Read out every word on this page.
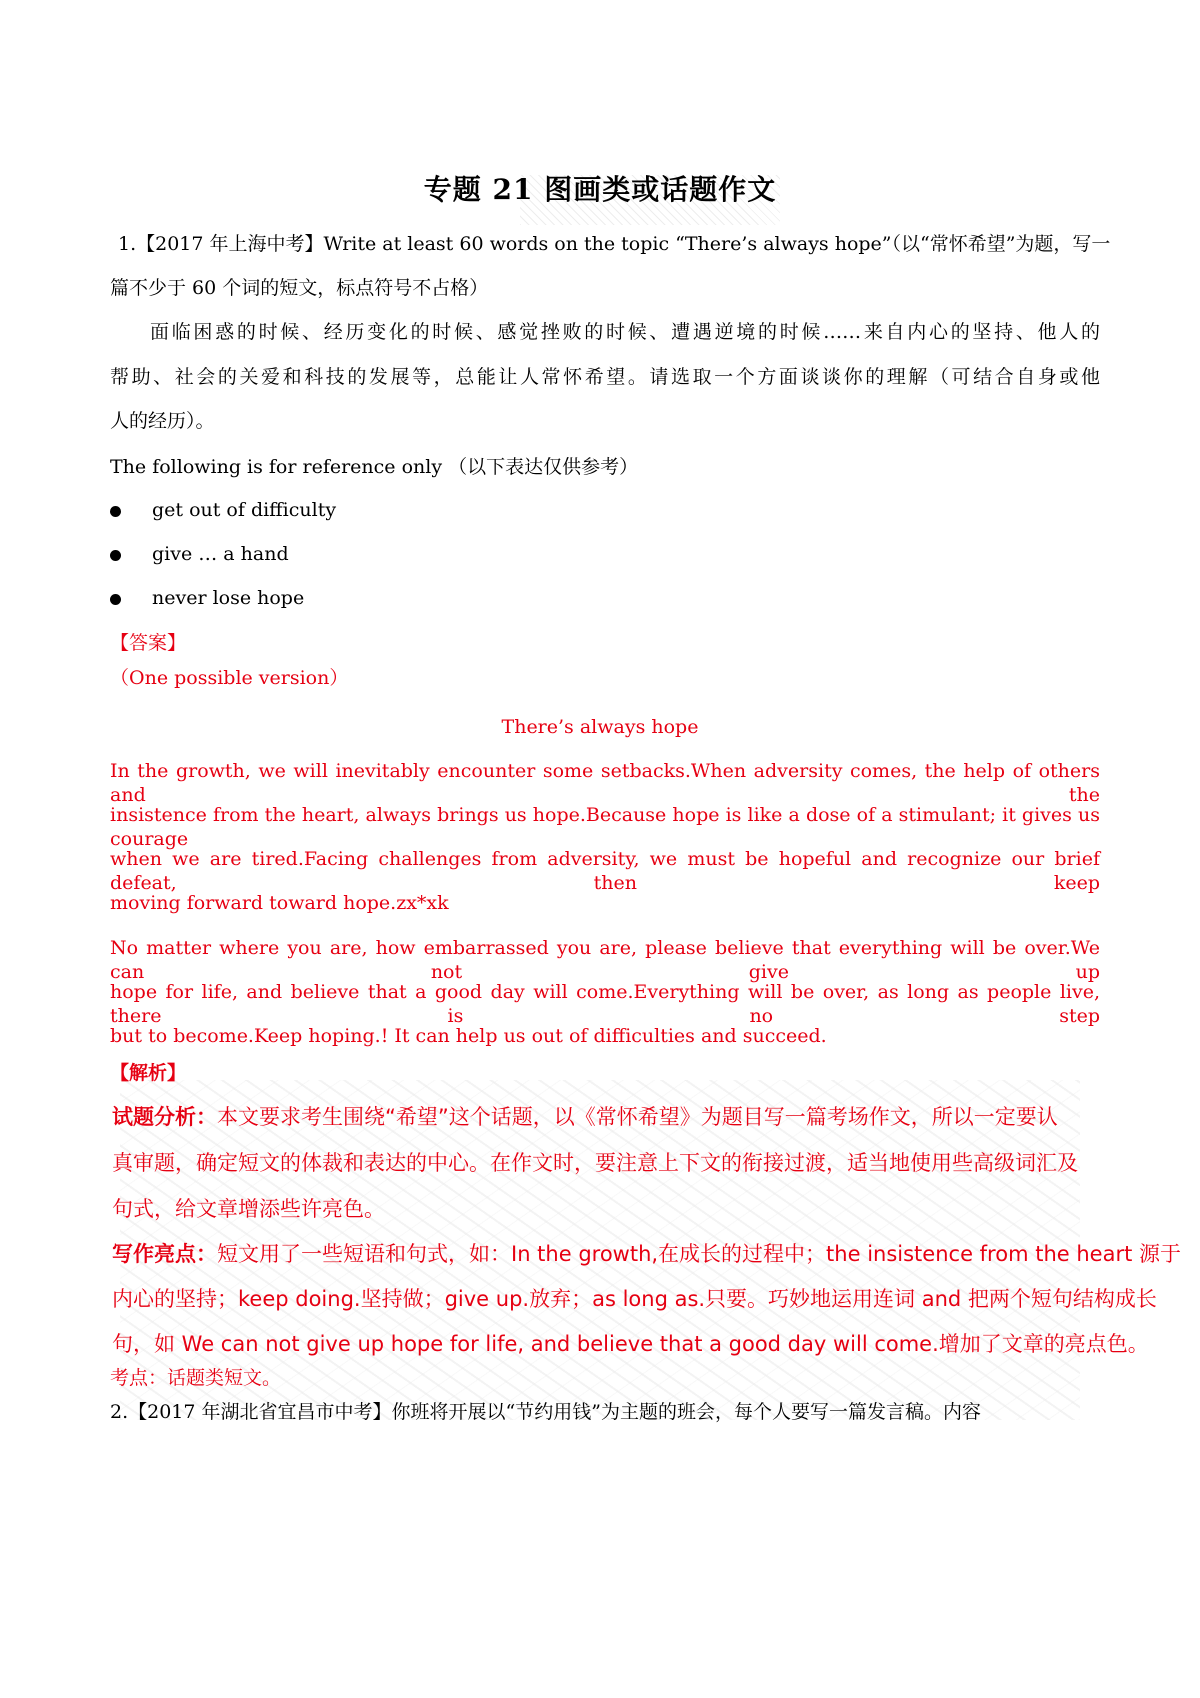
专题 21 图画类或话题作文
1.【2017 年上海中考】Write at least 60 words on the topic “There’s always hope”（以“常怀希望”为题，写一
篇不少于 60 个词的短文，标点符号不占格）
面临困惑的时候、经历变化的时候、感觉挫败的时候、遭遇逆境的时候……来自内心的坚持、他人的
帮助、社会的关爱和科技的发展等，总能让人常怀希望。请选取一个方面谈谈你的理解（可结合自身或他
人的经历）。
The following is for reference only （以下表达仅供参考）
get out of difficulty
give … a hand
never lose hope
【答案】
（One possible version）
There’s always hope
In the growth, we will inevitably encounter some setbacks.When adversity comes, the help of others and the
insistence from the heart, always brings us hope.Because hope is like a dose of a stimulant; it gives us courage
when we are tired.Facing challenges from adversity, we must be hopeful and recognize our brief defeat, then keep
moving forward toward hope.zx*xk
No matter where you are, how embarrassed you are, please believe that everything will be over.We can not give up
hope for life, and believe that a good day will come.Everything will be over, as long as people live, there is no step
but to become.Keep hoping.! It can help us out of difficulties and succeed.
【解析】
试题分析：本文要求考生围绕“希望”这个话题，以《常怀希望》为题目写一篇考场作文，所以一定要认
真审题，确定短文的体裁和表达的中心。在作文时，要注意上下文的衔接过渡，适当地使用些高级词汇及
句式，给文章增添些许亮色。
写作亮点：短文用了一些短语和句式，如：In the growth,在成长的过程中；the insistence from the heart 源于
内心的坚持；keep doing.坚持做；give up.放弃；as long as.只要。巧妙地运用连词 and 把两个短句结构成长
句，如 We can not give up hope for life, and believe that a good day will come.增加了文章的亮点色。
考点：话题类短文。
2.【2017 年湖北省宜昌市中考】你班将开展以“节约用钱”为主题的班会，每个人要写一篇发言稿。内容
